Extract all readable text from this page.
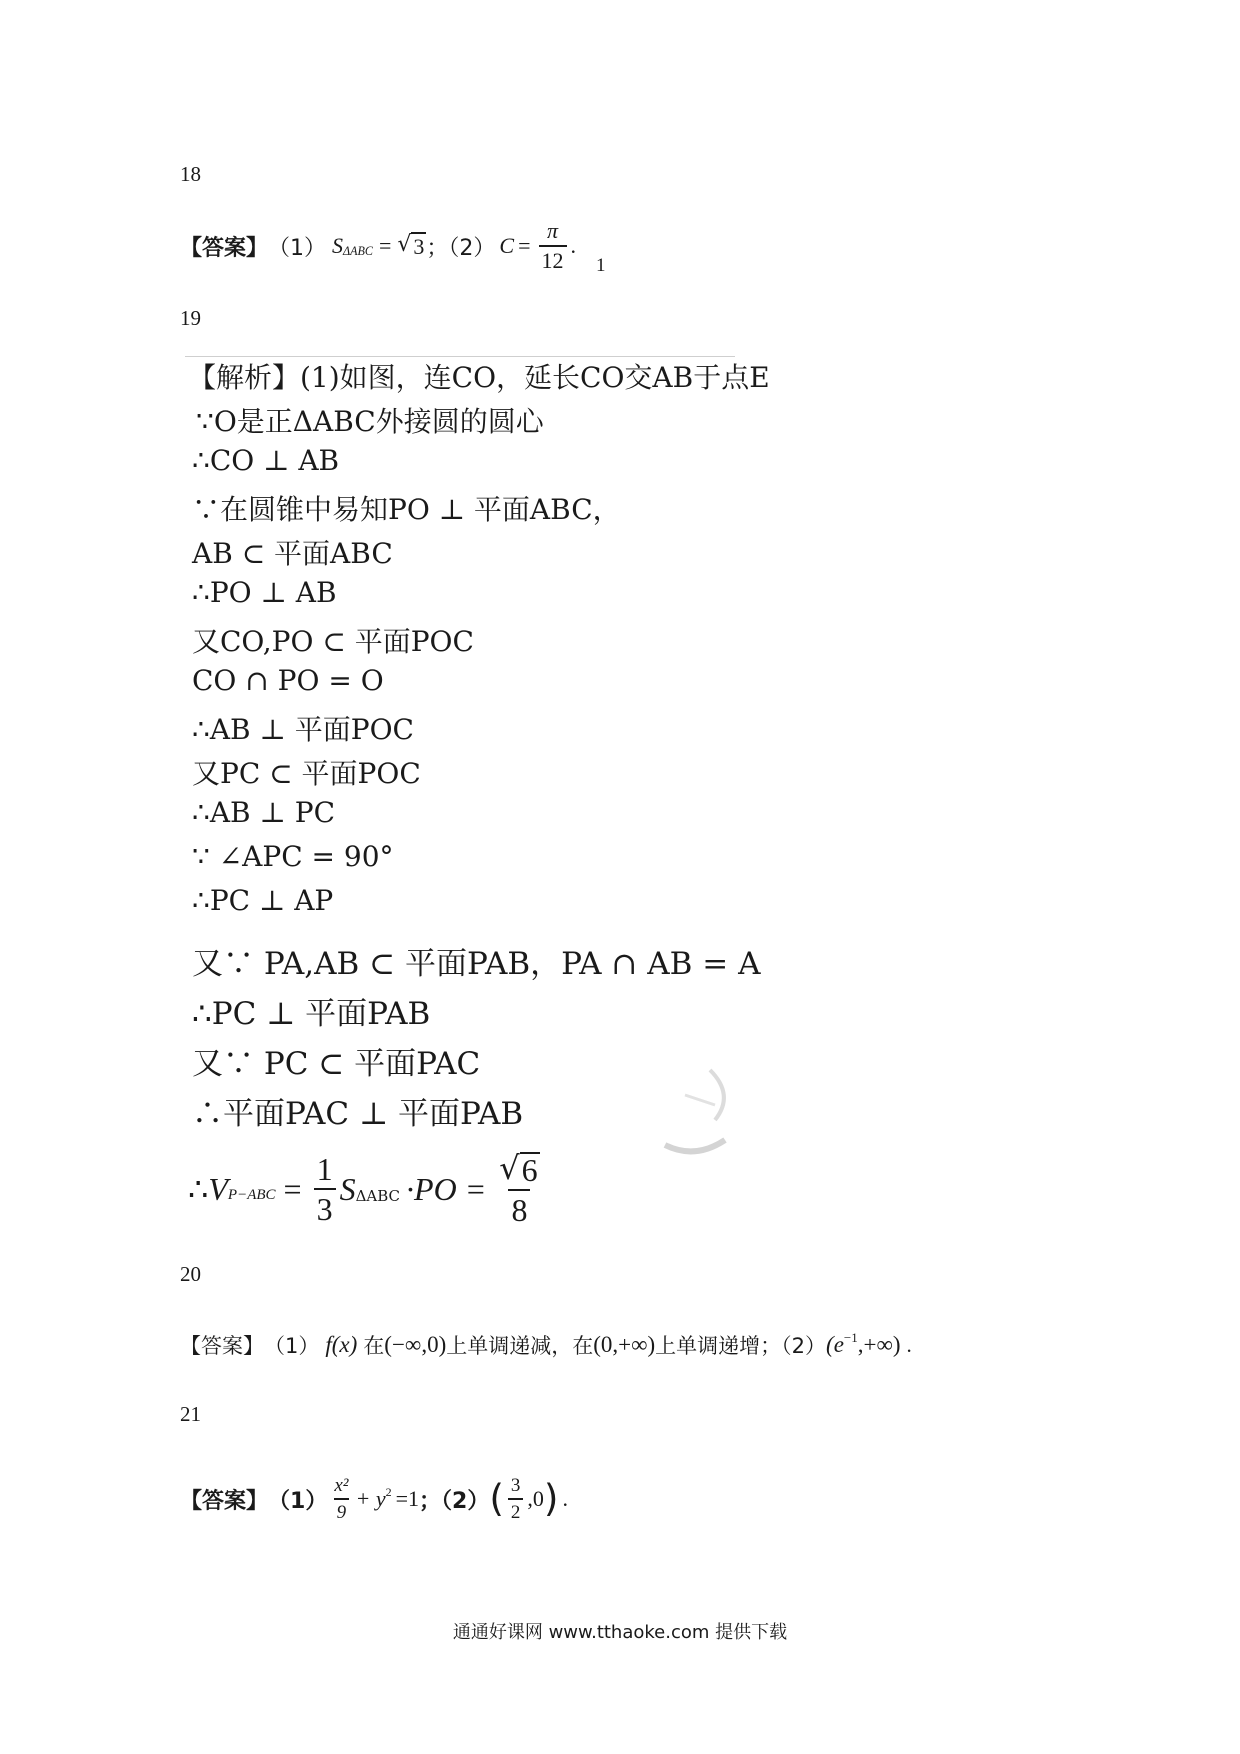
18
【答案】 （1） S ΔABC = √ 3 ；（2） $C = \frac{\pi}{12}$ .
1
19
【解析】(1)如图，连CO，延长CO交AB于点E
∵O是正ΔABC外接圆的圆心
∴CO ⊥ AB
∵在圆锥中易知PO ⊥ 平面ABC，
AB ⊂ 平面ABC
∴PO ⊥ AB
又CO,PO ⊂ 平面POC
CO ∩ PO = O
∴AB ⊥ 平面POC
又PC ⊂ 平面POC
∴AB ⊥ PC
∵ ∠APC = 90°
∴PC ⊥ AP
又∵ PA,AB ⊂ 平面PAB，PA ∩ AB = A
∴PC ⊥ 平面PAB
又∵ PC ⊂ 平面PAC
∴平面PAC ⊥ 平面PAB
∴ V $P-ABC = \frac{1}{3}$ S $\Delta ABC \cdot PO = \frac{√ 6}{8}$
20
【答案】 （1） f(x) 在 (−∞,0) 上单调递减，在 (0,+∞) 上单调递增；（2） (e −1 ,+∞) .
21
【答案】 $(1) \frac{\text{x²}}{9} + y$ 2 =1 ；（2） ( $\frac{3}{2} ,0$ ) .
通通好课网 www.tthaoke.com 提供下载
